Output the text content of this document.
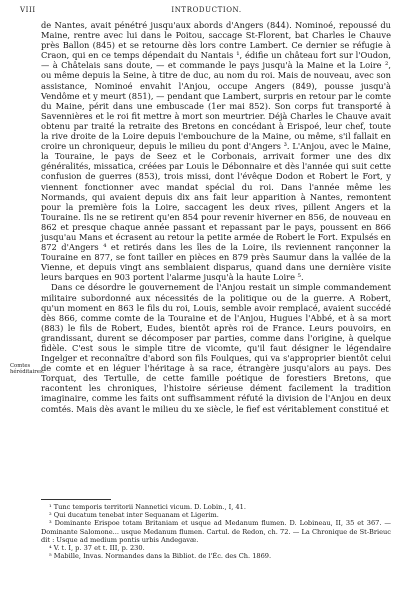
VIII	INTRODUCTION.
Comtes héréditaires.

de Nantes, avait pénétré jusqu'aux abords d'Angers (844). Nominoé, repoussé du Maine, rentre avec lui dans le Poitou, saccage St-Florent, bat Charles le Chauve près Ballon (845) et se retourne dès lors contre Lambert. Ce dernier se réfugie à Craon, qui en ce temps dépendait du Nantais ¹, édifie un château fort sur l'Oudon, — à Châtelais sans doute, — et commande le pays jusqu'à la Maine et la Loire ², ou même depuis la Seine, à titre de duc, au nom du roi. Mais de nouveau, avec son assistance, Nominoé envahit l'Anjou, occupe Angers (849), pousse jusqu'à Vendôme et y meurt (851), — pendant que Lambert, surpris en retour par le comte du Maine, périt dans une embuscade (1er mai 852). Son corps fut transporté à Savennières et le roi fit mettre à mort son meurtrier. Déjà Charles le Chauve avait obtenu par traité la retraite des Bretons en concédant à Erispoé, leur chef, toute la rive droite de la Loire depuis l'embouchure de la Maine, ou même, s'il fallait en croire un chroniqueur, depuis le milieu du pont d'Angers ³. L'Anjou, avec le Maine, la Touraine, le pays de Seez et le Corbonais, arrivait former une des dix généralités, missatica, créées par Louis le Débonnaire et dès l'année qui suit cette confusion de guerres (853), trois missi, dont l'évêque Dodon et Robert le Fort, y viennent fonctionner avec mandat spécial du roi. Dans l'année même les Normands, qui avaient depuis dix ans fait leur apparition à Nantes, remontent pour la première fois la Loire, saccagent les deux rives, pillent Angers et la Touraine. Ils ne se retirent qu'en 854 pour revenir hiverner en 856, de nouveau en 862 et presque chaque année passant et repassant par le pays, poussent en 866 jusqu'au Mans et écrasent au retour la petite armée de Robert le Fort. Expulsés en 872 d'Angers ⁴ et retirés dans les îles de la Loire, ils reviennent rançonner la Touraine en 877, se font tailler en pièces en 879 près Saumur dans la vallée de la Vienne, et depuis vingt ans semblaient disparus, quand dans une dernière visite leurs barques en 903 portent l'alarme jusqu'à la haute Loire ⁵.

Dans ce désordre le gouvernement de l'Anjou restait un simple commandement militaire subordonné aux nécessités de la politique ou de la guerre. A Robert, qu'un moment en 863 le fils du roi, Louis, semble avoir remplacé, avaient succédé dès 866, comme comte de la Touraine et de l'Anjou, Hugues l'Abbé, et à sa mort (883) le fils de Robert, Eudes, bientôt après roi de France. Leurs pouvoirs, en grandissant, durent se décomposer par parties, comme dans l'origine, à quelque fidèle. C'est sous le simple titre de vicomte, qu'il faut désigner le légendaire Ingelger et reconnaître d'abord son fils Foulques, qui va s'approprier bientôt celui de comte et en léguer l'héritage à sa race, étrangère jusqu'alors au pays. Des Torquat, des Tertulle, de cette famille poétique de forestiers Bretons, que racontent les chroniques, l'histoire sérieuse dément facilement la tradition imaginaire, comme les faits ont suffisamment réfuté la division de l'Anjou en deux comtés. Mais dès avant le milieu du xe siècle, le fief est véritablement constitué et

¹ Tunc temporis territorii Nannetici vicum. D. Lobin., I, 41.

² Qui ducatum tenebat inter Sequanam et Ligerim.

³ Dominante Erispoe totam Britaniam et usque ad Medanum flumen. D. Lobineau, II, 35 et 367. — Dominante Salomone... usque Medanum flumen. Cartul. de Redon, ch. 72. — La Chronique de St-Brieuc dit : Usque ad medium pontis urbis Andegavæ.

⁴ V. t. I, p. 37 et t. III, p. 230.

⁵ Mabille, Invas. Normandes dans la Bibliot. de l'Éc. des Ch. 1869.
